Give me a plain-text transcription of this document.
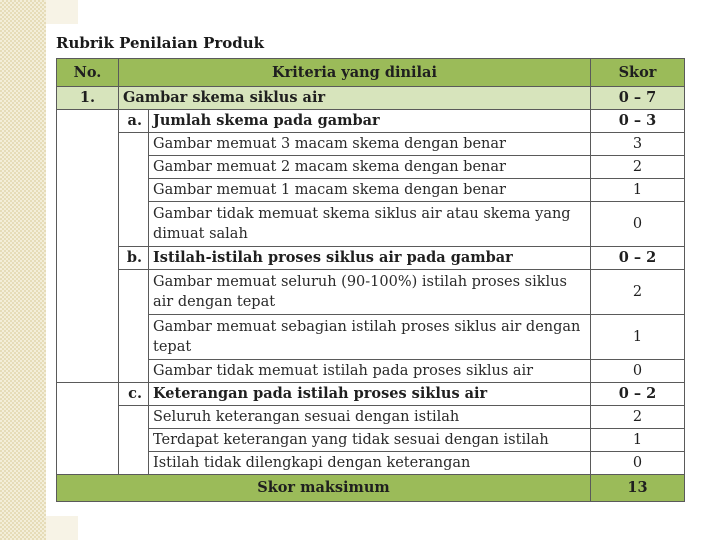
Rubrik Penilaian Produk
No.	Kriteria yang dinilai		Skor
1.	Gambar skema siklus air		0 – 7
	a.	Jumlah skema pada gambar	0 – 3
		Gambar memuat 3 macam skema dengan benar	3
		Gambar memuat 2 macam skema dengan benar	2
		Gambar memuat 1 macam skema dengan benar	1
		Gambar tidak memuat skema siklus air atau skema yang dimuat salah	0
	b.	Istilah-istilah proses siklus air pada gambar	0 – 2
		Gambar memuat seluruh (90-100%) istilah proses siklus air dengan tepat	2
		Gambar memuat sebagian istilah proses siklus air dengan tepat	1
		Gambar tidak memuat istilah pada proses siklus air	0
	c.	Keterangan pada istilah proses siklus air	0 – 2
		Seluruh keterangan sesuai dengan istilah	2
		Terdapat keterangan yang tidak sesuai dengan istilah	1
		Istilah tidak dilengkapi dengan keterangan	0
Skor maksimum			13
